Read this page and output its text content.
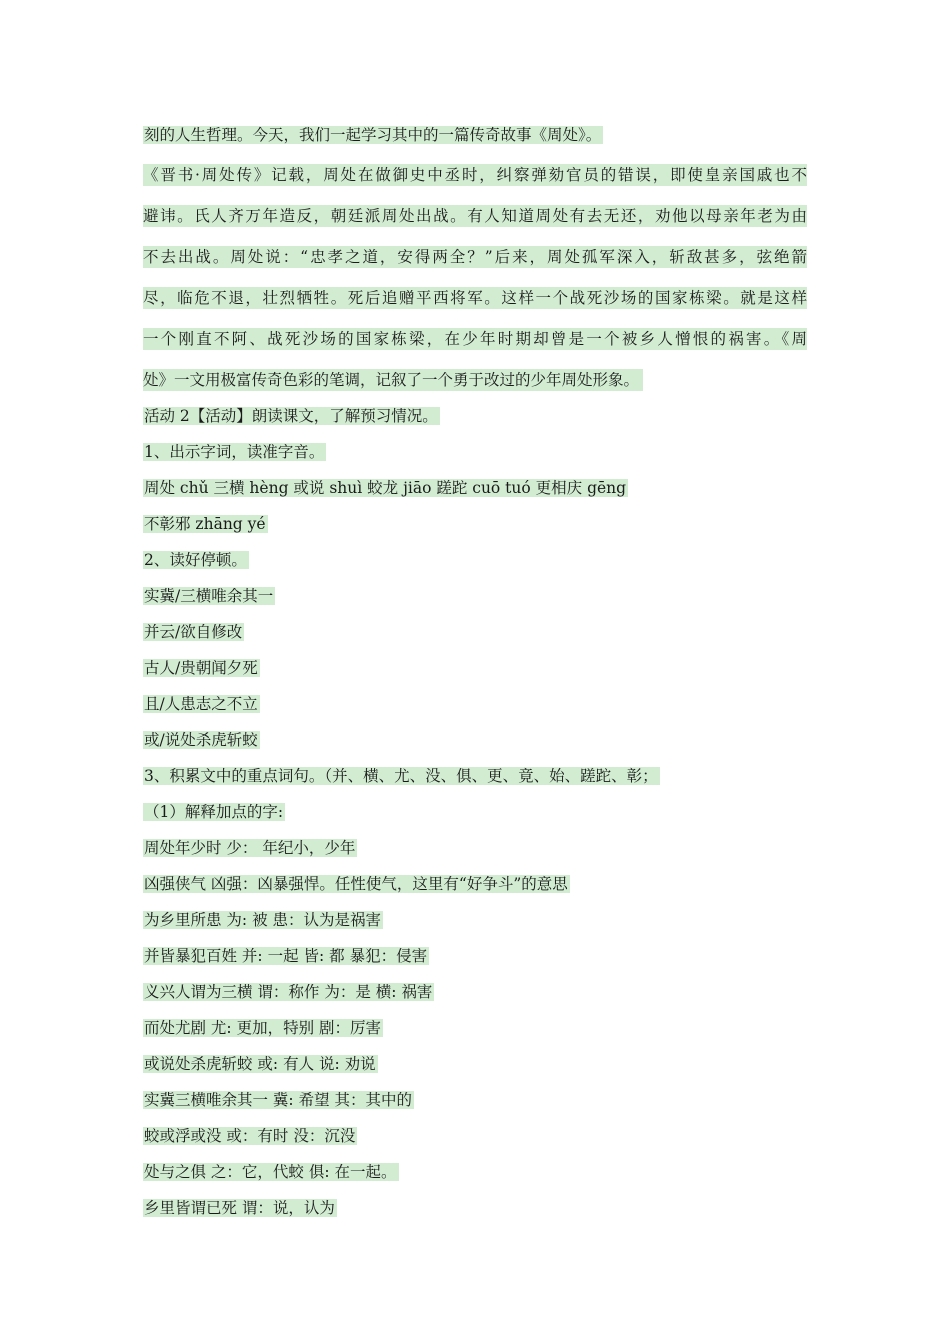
刻的人生哲理。今天，我们一起学习其中的一篇传奇故事《周处》。
《晋书·周处传》记载，周处在做御史中丞时，纠察弹劾官员的错误，即使皇亲国戚也不
避讳。氏人齐万年造反，朝廷派周处出战。有人知道周处有去无还，劝他以母亲年老为由
不去出战。周处说：“忠孝之道，安得两全？”后来，周处孤军深入，斩敌甚多，弦绝箭
尽，临危不退，壮烈牺牲。死后追赠平西将军。这样一个战死沙场的国家栋梁。就是这样
一个刚直不阿、战死沙场的国家栋梁，在少年时期却曾是一个被乡人憎恨的祸害。《周
处》一文用极富传奇色彩的笔调，记叙了一个勇于改过的少年周处形象。
活动 2【活动】朗读课文，了解预习情况。
1、出示字词，读准字音。
周处 chǔ 三横 hèng 或说 shuì 蛟龙 jiāo 蹉跎 cuō tuó 更相庆 gēng
不彰邪 zhāng yé
2、读好停顿。
实冀/三横唯余其一
并云/欲自修改
古人/贵朝闻夕死
且/人患志之不立
或/说处杀虎斩蛟
3、积累文中的重点词句。（并、横、尤、没、俱、更、竟、始、蹉跎、彰；
（1）解释加点的字:
周处年少时 少： 年纪小，少年
凶强侠气 凶强：凶暴强悍。任性使气，这里有“好争斗”的意思
为乡里所患 为: 被 患：认为是祸害
并皆暴犯百姓 并: 一起 皆: 都 暴犯：侵害
义兴人谓为三横 谓：称作 为：是 横: 祸害
而处尤剧 尤: 更加，特别 剧：厉害
或说处杀虎斩蛟 或: 有人 说: 劝说
实冀三横唯余其一 冀: 希望 其：其中的
蛟或浮或没 或：有时 没：沉没
处与之俱 之：它，代蛟 俱: 在一起。
乡里皆谓已死 谓：说，认为
